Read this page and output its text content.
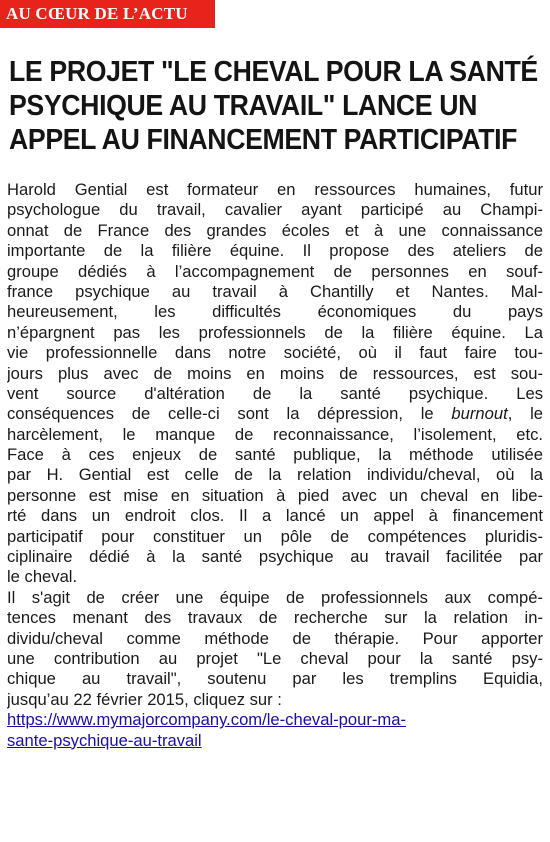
AU CŒUR DE L’ACTU
LE PROJET "LE CHEVAL POUR LA SANTÉ
PSYCHIQUE AU TRAVAIL" LANCE UN
APPEL AU FINANCEMENT PARTICIPATIF
Harold Gential est formateur en ressources humaines, futur
psychologue du travail, cavalier ayant participé au Champi-
onnat de France des grandes écoles et à une connaissance
importante de la filière équine. Il propose des ateliers de
groupe dédiés à l’accompagnement de personnes en souf-
france psychique au travail à Chantilly et Nantes. Mal-
heureusement, les difficultés économiques du pays
n’épargnent pas les professionnels de la filière équine. La
vie professionnelle dans notre société, où il faut faire tou-
jours plus avec de moins en moins de ressources, est sou-
vent source d'altération de la santé psychique. Les
conséquences de celle-ci sont la dépression, le burnout, le
harcèlement, le manque de reconnaissance, l’isolement, etc.
Face à ces enjeux de santé publique, la méthode utilisée
par H. Gential est celle de la relation individu/cheval, où la
personne est mise en situation à pied avec un cheval en libe-
rté dans un endroit clos. Il a lancé un appel à financement
participatif pour constituer un pôle de compétences pluridis-
ciplinaire dédié à la santé psychique au travail facilitée par
le cheval.
Il s'agit de créer une équipe de professionnels aux compé-
tences menant des travaux de recherche sur la relation in-
dividu/cheval comme méthode de thérapie. Pour apporter
une contribution au projet "Le cheval pour la santé psy-
chique au travail", soutenu par les tremplins Equidia,
jusqu’au 22 février 2015, cliquez sur :
https://www.mymajorcompany.com/le-cheval-pour-ma-
sante-psychique-au-travail
